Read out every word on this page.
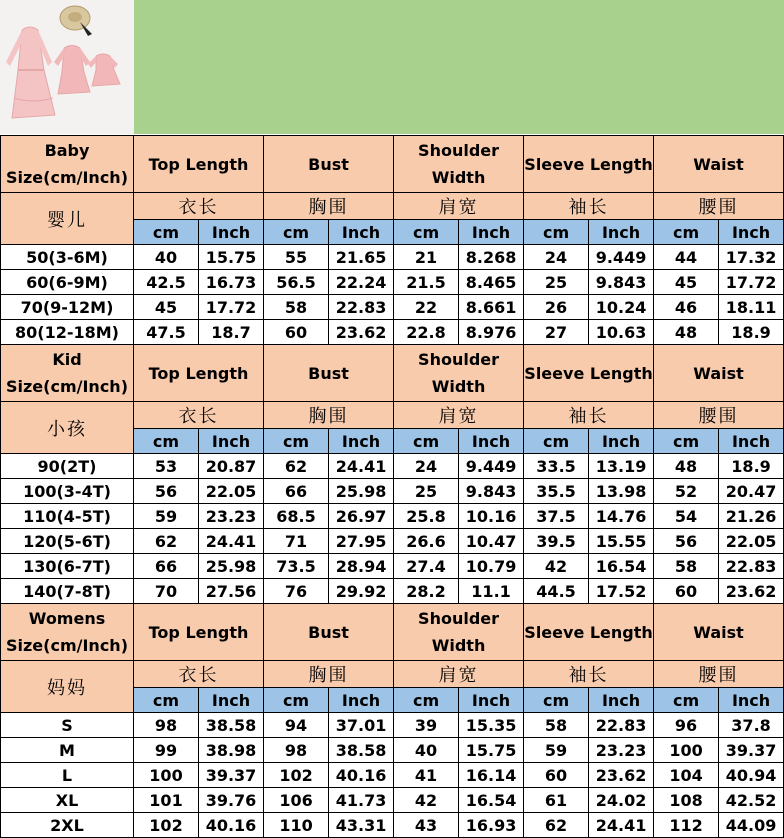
Baby
Size(cm/Inch)	Top Length		Bust		Shoulder Width		Sleeve Length		Waist	
婴儿	衣长		胸围		肩宽		袖长		腰围	
	cm	Inch	cm	Inch	cm	Inch	cm	Inch	cm	Inch
50(3-6M)	40	15.75	55	21.65	21	8.268	24	9.449	44	17.32
60(6-9M)	42.5	16.73	56.5	22.24	21.5	8.465	25	9.843	45	17.72
70(9-12M)	45	17.72	58	22.83	22	8.661	26	10.24	46	18.11
80(12-18M)	47.5	18.7	60	23.62	22.8	8.976	27	10.63	48	18.9

Kid
Size(cm/Inch)	Top Length		Bust		Shoulder Width		Sleeve Length		Waist	
小孩	衣长		胸围		肩宽		袖长		腰围	
	cm	Inch	cm	Inch	cm	Inch	cm	Inch	cm	Inch
90(2T)	53	20.87	62	24.41	24	9.449	33.5	13.19	48	18.9
100(3-4T)	56	22.05	66	25.98	25	9.843	35.5	13.98	52	20.47
110(4-5T)	59	23.23	68.5	26.97	25.8	10.16	37.5	14.76	54	21.26
120(5-6T)	62	24.41	71	27.95	26.6	10.47	39.5	15.55	56	22.05
130(6-7T)	66	25.98	73.5	28.94	27.4	10.79	42	16.54	58	22.83
140(7-8T)	70	27.56	76	29.92	28.2	11.1	44.5	17.52	60	23.62

Womens
Size(cm/Inch)	Top Length		Bust		Shoulder Width		Sleeve Length		Waist	
妈妈	衣长		胸围		肩宽		袖长		腰围	
	cm	Inch	cm	Inch	cm	Inch	cm	Inch	cm	Inch
S	98	38.58	94	37.01	39	15.35	58	22.83	96	37.8
M	99	38.98	98	38.58	40	15.75	59	23.23	100	39.37
L	100	39.37	102	40.16	41	16.14	60	23.62	104	40.94
XL	101	39.76	106	41.73	42	16.54	61	24.02	108	42.52
2XL	102	40.16	110	43.31	43	16.93	62	24.41	112	44.09
